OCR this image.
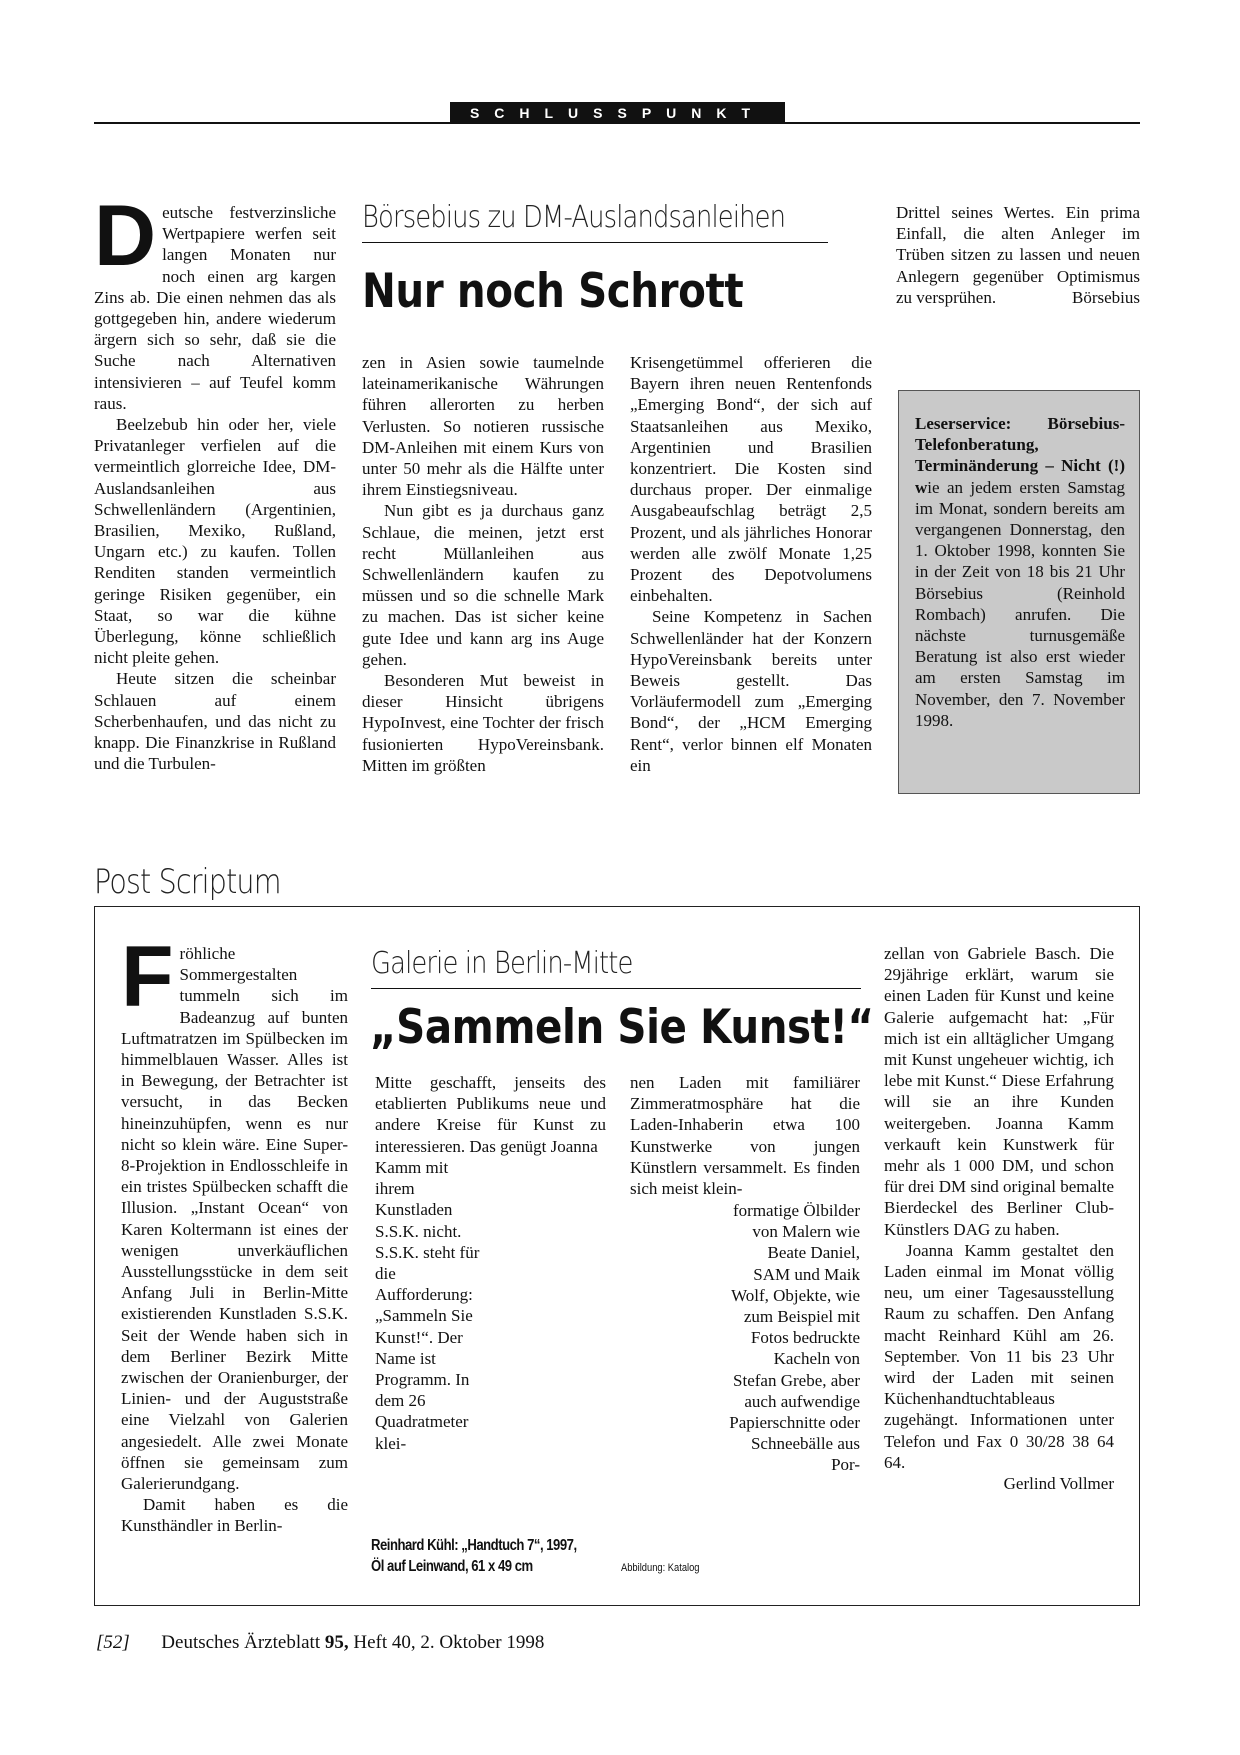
SCHLUSSPUNKT
D eutsche festverzinsliche Wertpapiere werfen seit langen Monaten nur noch einen arg kargen Zins ab. Die einen nehmen das als gottgegeben hin, andere wiederum ärgern sich so sehr, daß sie die Suche nach Alternativen intensivieren – auf Teufel komm raus.

Beelzebub hin oder her, viele Privatanleger verfielen auf die vermeintlich glorreiche Idee, DM-Auslandsanleihen aus Schwellenländern (Argentinien, Brasilien, Mexiko, Rußland, Ungarn etc.) zu kaufen. Tollen Renditen standen vermeintlich geringe Risiken gegenüber, ein Staat, so war die kühne Überlegung, könne schließlich nicht pleite gehen.

Heute sitzen die scheinbar Schlauen auf einem Scherbenhaufen, und das nicht zu knapp. Die Finanzkrise in Rußland und die Turbulen-

Börsebius zu DM-Auslandsanleihen
Nur noch Schrott

zen in Asien sowie taumelnde lateinamerikanische Währungen führen allerorten zu herben Verlusten. So notieren russische DM-Anleihen mit einem Kurs von unter 50 mehr als die Hälfte unter ihrem Einstiegsniveau.

Nun gibt es ja durchaus ganz Schlaue, die meinen, jetzt erst recht Müllanleihen aus Schwellenländern kaufen zu müssen und so die schnelle Mark zu machen. Das ist sicher keine gute Idee und kann arg ins Auge gehen.

Besonderen Mut beweist in dieser Hinsicht übrigens HypoInvest, eine Tochter der frisch fusionierten HypoVereinsbank. Mitten im größten

Krisengetümmel offerieren die Bayern ihren neuen Rentenfonds „Emerging Bond“, der sich auf Staatsanleihen aus Mexiko, Argentinien und Brasilien konzentriert. Die Kosten sind durchaus proper. Der einmalige Ausgabeaufschlag beträgt 2,5 Prozent, und als jährliches Honorar werden alle zwölf Monate 1,25 Prozent des Depotvolumens einbehalten.

Seine Kompetenz in Sachen Schwellenländer hat der Konzern HypoVereinsbank bereits unter Beweis gestellt. Das Vorläufermodell zum „Emerging Bond“, der „HCM Emerging Rent“, verlor binnen elf Monaten ein

Drittel seines Wertes. Ein prima Einfall, die alten Anleger im Trüben sitzen zu lassen und neuen Anlegern gegenüber Optimismus zu versprühen.	Börsebius

Leserservice: Börsebius-Telefonberatung, Terminänderung – Nicht (!) wie an jedem ersten Samstag im Monat, sondern bereits am vergangenen Donnerstag, den 1. Oktober 1998, konnten Sie in der Zeit von 18 bis 21 Uhr Börsebius (Reinhold Rombach) anrufen. Die nächste turnusgemäße Beratung ist also erst wieder am ersten Samstag im November, den 7. November 1998.

Post Scriptum
F röhliche Sommergestalten tummeln sich im Badeanzug auf bunten Luftmatratzen im Spülbecken im himmelblauen Wasser. Alles ist in Bewegung, der Betrachter ist versucht, in das Becken hineinzuhüpfen, wenn es nur nicht so klein wäre. Eine Super-8-Projektion in Endlosschleife in ein tristes Spülbecken schafft die Illusion. „Instant Ocean“ von Karen Koltermann ist eines der wenigen unverkäuflichen Ausstellungsstücke in dem seit Anfang Juli in Berlin-Mitte existierenden Kunstladen S.S.K. Seit der Wende haben sich in dem Berliner Bezirk Mitte zwischen der Oranienburger, der Linien- und der Auguststraße eine Vielzahl von Galerien angesiedelt. Alle zwei Monate öffnen sie gemeinsam zum Galerierundgang.

Damit haben es die Kunsthändler in Berlin-

Galerie in Berlin-Mitte
„Sammeln Sie Kunst!“

Mitte geschafft, jenseits des etablierten Publikums neue und andere Kreise für Kunst zu interessieren. Das genügt Joanna

Kamm mit ihrem Kunstladen S.S.K. nicht. S.S.K. steht für die Aufforderung: „Sammeln Sie Kunst!“. Der Name ist Programm. In dem 26 Quadratmeter klei-

nen Laden mit familiärer Zimmeratmosphäre hat die Laden-Inhaberin etwa 100 Kunstwerke von jungen Künstlern versammelt. Es finden sich meist klein-

formatige Ölbilder von Malern wie Beate Daniel, SAM und Maik Wolf, Objekte, wie zum Beispiel mit Fotos bedruckte Kacheln von Stefan Grebe, aber auch aufwendige Papierschnitte oder Schneebälle aus Por-

Reinhard Kühl: „Handtuch 7“, 1997,
Öl auf Leinwand, 61 x 49 cm	Abbildung: Katalog

zellan von Gabriele Basch. Die 29jährige erklärt, warum sie einen Laden für Kunst und keine Galerie aufgemacht hat: „Für mich ist ein alltäglicher Umgang mit Kunst ungeheuer wichtig, ich lebe mit Kunst.“ Diese Erfahrung will sie an ihre Kunden weitergeben. Joanna Kamm verkauft kein Kunstwerk für mehr als 1 000 DM, und schon für drei DM sind original bemalte Bierdeckel des Berliner Club-Künstlers DAG zu haben.

Joanna Kamm gestaltet den Laden einmal im Monat völlig neu, um einer Tagesausstellung Raum zu schaffen. Den Anfang macht Reinhard Kühl am 26. September. Von 11 bis 23 Uhr wird der Laden mit seinen Küchenhandtuchtableaus zugehängt. Informationen unter Telefon und Fax 0 30/28 38 64 64.

Gerlind Vollmer

[52] Deutsches Ärzteblatt 95, Heft 40, 2. Oktober 1998
